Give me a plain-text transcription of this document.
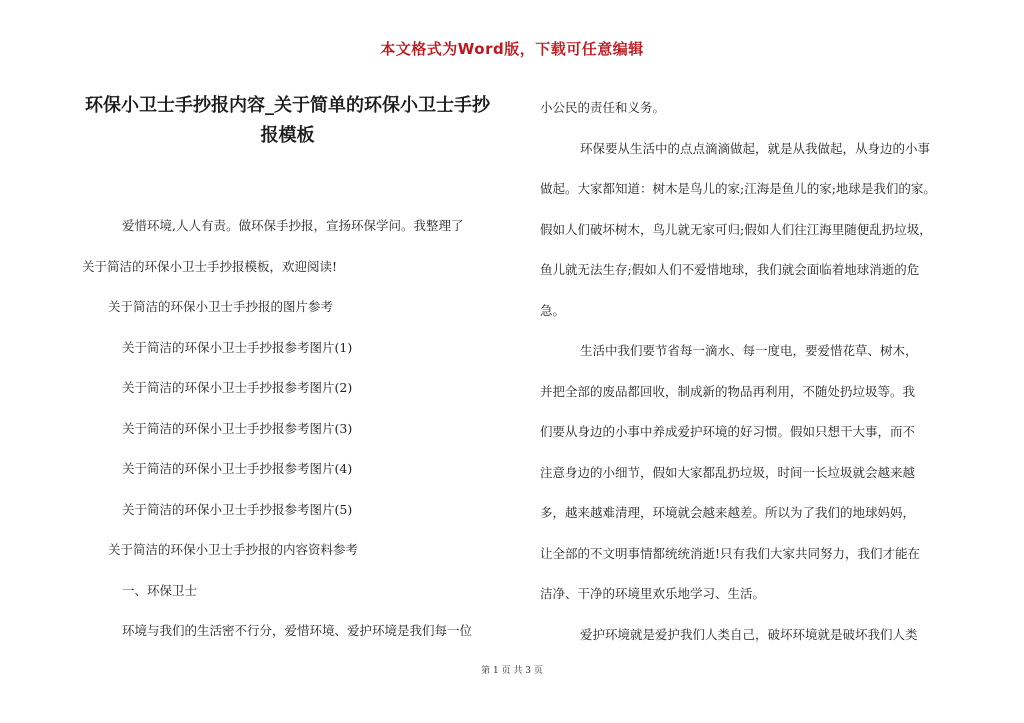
本文格式为Word版，下载可任意编辑
环保小卫士手抄报内容_关于简单的环保小卫士手抄
报模板

爱惜环境,人人有责。做环保手抄报，宣扬环保学问。我整理了

关于简洁的环保小卫士手抄报模板，欢迎阅读!

关于简洁的环保小卫士手抄报的图片参考

关于简洁的环保小卫士手抄报参考图片(1)

关于简洁的环保小卫士手抄报参考图片(2)

关于简洁的环保小卫士手抄报参考图片(3)

关于简洁的环保小卫士手抄报参考图片(4)

关于简洁的环保小卫士手抄报参考图片(5)

关于简洁的环保小卫士手抄报的内容资料参考

一、环保卫士

环境与我们的生活密不行分，爱惜环境、爱护环境是我们每一位

小公民的责任和义务。

环保要从生活中的点点滴滴做起，就是从我做起，从身边的小事

做起。大家都知道：树木是鸟儿的家;江海是鱼儿的家;地球是我们的家。

假如人们破坏树木，鸟儿就无家可归;假如人们往江海里随便乱扔垃圾，

鱼儿就无法生存;假如人们不爱惜地球，我们就会面临着地球消逝的危

急。

生活中我们要节省每一滴水、每一度电，要爱惜花草、树木，

并把全部的废品都回收，制成新的物品再利用，不随处扔垃圾等。我

们要从身边的小事中养成爱护环境的好习惯。假如只想干大事，而不

注意身边的小细节，假如大家都乱扔垃圾，时间一长垃圾就会越来越

多，越来越难清理，环境就会越来越差。所以为了我们的地球妈妈，

让全部的不文明事情都统统消逝!只有我们大家共同努力，我们才能在

洁净、干净的环境里欢乐地学习、生活。

爱护环境就是爱护我们人类自己，破坏环境就是破坏我们人类

第 1 页 共 3 页
